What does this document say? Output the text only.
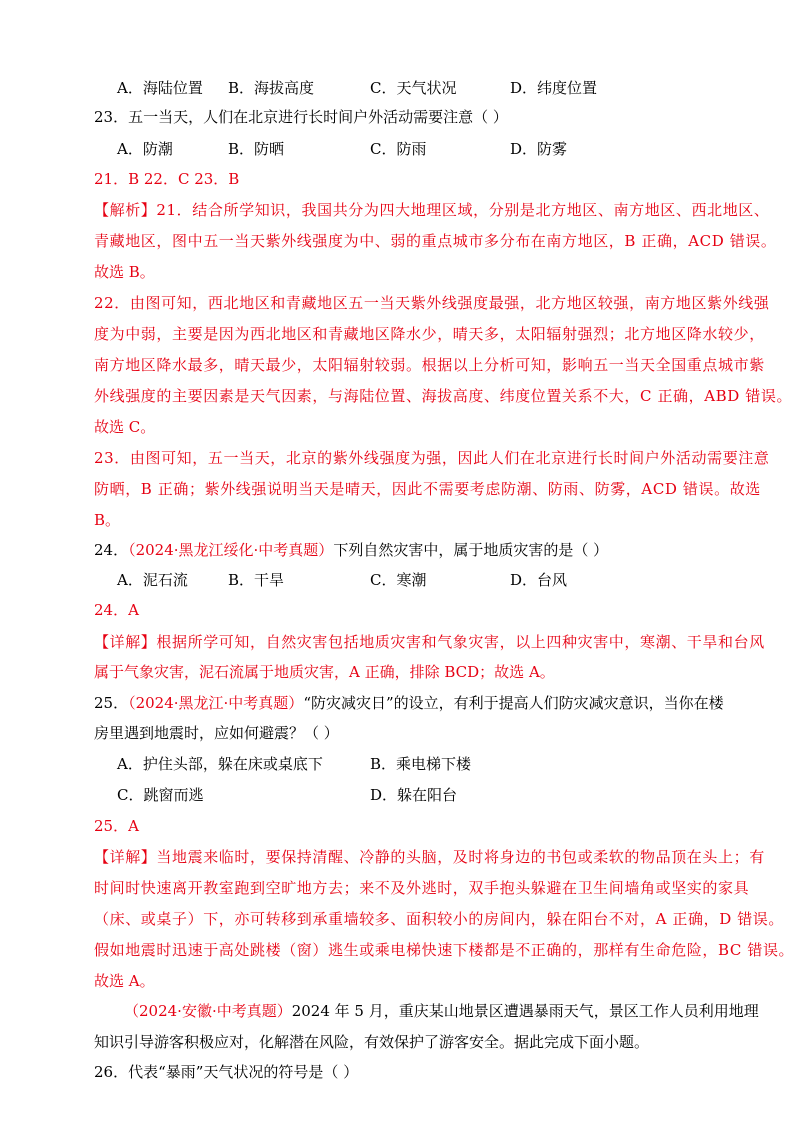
A．海陆位置 B．海拔高度	C．天气状况	D．纬度位置
23．五一当天，人们在北京进行长时间户外活动需要注意（ ）
A．防潮	B．防晒	C．防雨	D．防雾
21．B 22．C 23．B
【解析】21．结合所学知识，我国共分为四大地理区域，分别是北方地区、南方地区、西北地区、
青藏地区，图中五一当天紫外线强度为中、弱的重点城市多分布在南方地区，B 正确，ACD 错误。
故选 B。
22．由图可知，西北地区和青藏地区五一当天紫外线强度最强，北方地区较强，南方地区紫外线强
度为中弱，主要是因为西北地区和青藏地区降水少，晴天多，太阳辐射强烈；北方地区降水较少，
南方地区降水最多，晴天最少，太阳辐射较弱。根据以上分析可知，影响五一当天全国重点城市紫
外线强度的主要因素是天气因素，与海陆位置、海拔高度、纬度位置关系不大，C 正确，ABD 错误。
故选 C。
23．由图可知，五一当天，北京的紫外线强度为强，因此人们在北京进行长时间户外活动需要注意
防晒，B 正确；紫外线强说明当天是晴天，因此不需要考虑防潮、防雨、防雾，ACD 错误。故选
B。
24．（2024·黑龙江绥化·中考真题）下列自然灾害中，属于地质灾害的是（ ）
A．泥石流	B．干旱	C．寒潮	D．台风
24．A
【详解】根据所学可知，自然灾害包括地质灾害和气象灾害，以上四种灾害中，寒潮、干旱和台风
属于气象灾害，泥石流属于地质灾害，A 正确，排除 BCD；故选 A。
25．（2024·黑龙江·中考真题）“防灾减灾日”的设立，有利于提高人们防灾减灾意识，当你在楼
房里遇到地震时，应如何避震？（ ）
A．护住头部，躲在床或桌底下	B．乘电梯下楼
C．跳窗而逃	D．躲在阳台
25．A
【详解】当地震来临时，要保持清醒、冷静的头脑，及时将身边的书包或柔软的物品顶在头上；有
时间时快速离开教室跑到空旷地方去；来不及外逃时，双手抱头躲避在卫生间墙角或坚实的家具
（床、或桌子）下，亦可转移到承重墙较多、面积较小的房间内，躲在阳台不对，A 正确，D 错误。
假如地震时迅速于高处跳楼（窗）逃生或乘电梯快速下楼都是不正确的，那样有生命危险，BC 错误。
故选 A。
（2024·安徽·中考真题）2024 年 5 月，重庆某山地景区遭遇暴雨天气，景区工作人员利用地理
知识引导游客积极应对，化解潜在风险，有效保护了游客安全。据此完成下面小题。
26．代表“暴雨”天气状况的符号是（ ）
